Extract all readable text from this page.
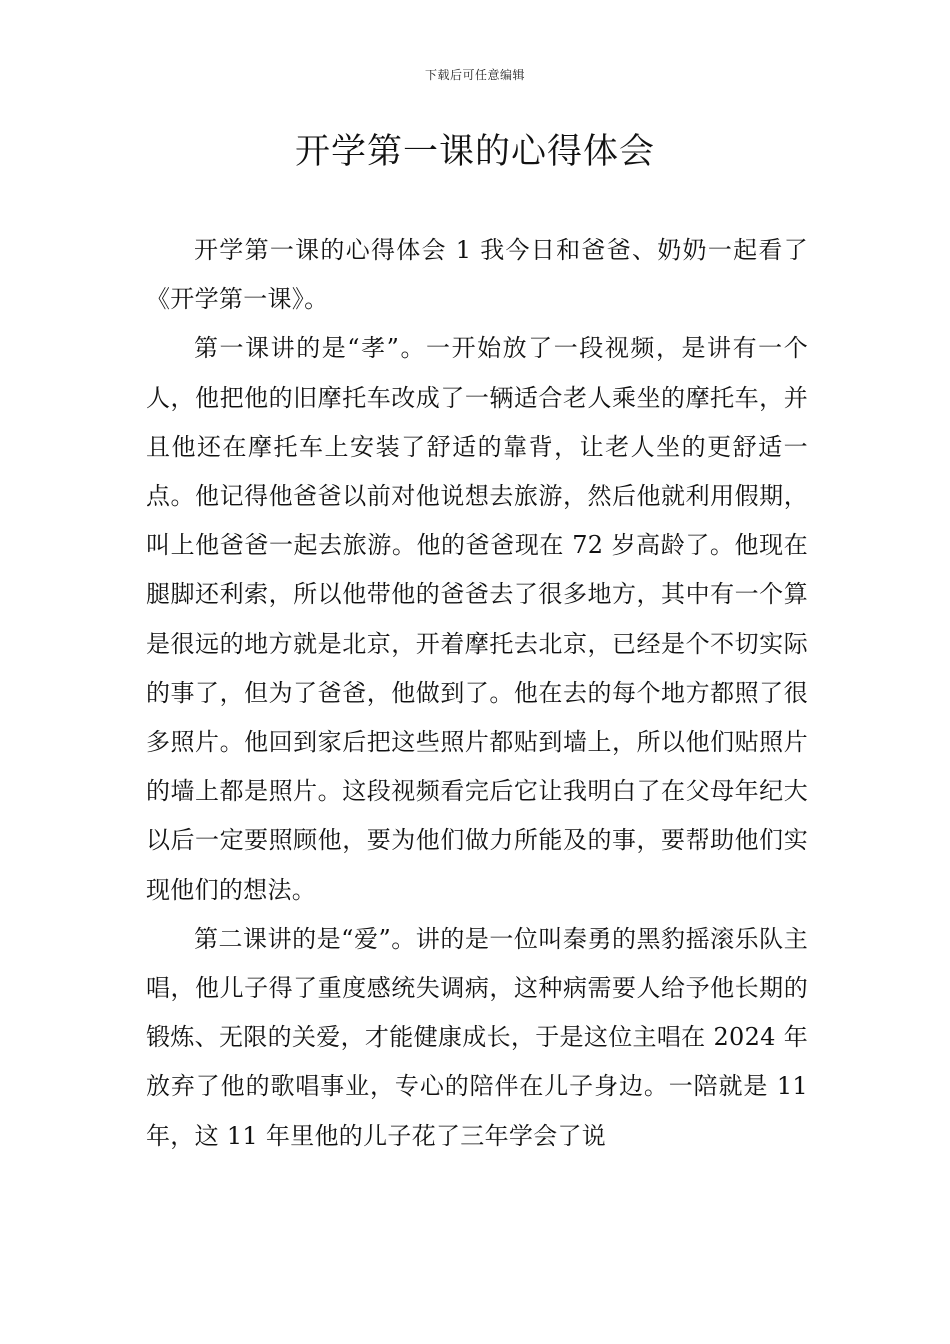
下载后可任意编辑
开学第一课的心得体会

开学第一课的心得体会 1 我今日和爸爸、奶奶一起看了《开学第一课》。

第一课讲的是“孝”。一开始放了一段视频，是讲有一个人，他把他的旧摩托车改成了一辆适合老人乘坐的摩托车，并且他还在摩托车上安装了舒适的靠背，让老人坐的更舒适一点。他记得他爸爸以前对他说想去旅游，然后他就利用假期，叫上他爸爸一起去旅游。他的爸爸现在 72 岁高龄了。他现在腿脚还利索，所以他带他的爸爸去了很多地方，其中有一个算是很远的地方就是北京，开着摩托去北京，已经是个不切实际的事了，但为了爸爸，他做到了。他在去的每个地方都照了很多照片。他回到家后把这些照片都贴到墙上，所以他们贴照片的墙上都是照片。这段视频看完后它让我明白了在父母年纪大以后一定要照顾他，要为他们做力所能及的事，要帮助他们实现他们的想法。

第二课讲的是“爱”。讲的是一位叫秦勇的黑豹摇滚乐队主唱，他儿子得了重度感统失调病，这种病需要人给予他长期的锻炼、无限的关爱，才能健康成长，于是这位主唱在 2024 年放弃了他的歌唱事业，专心的陪伴在儿子身边。一陪就是 11 年，这 11 年里他的儿子花了三年学会了说
